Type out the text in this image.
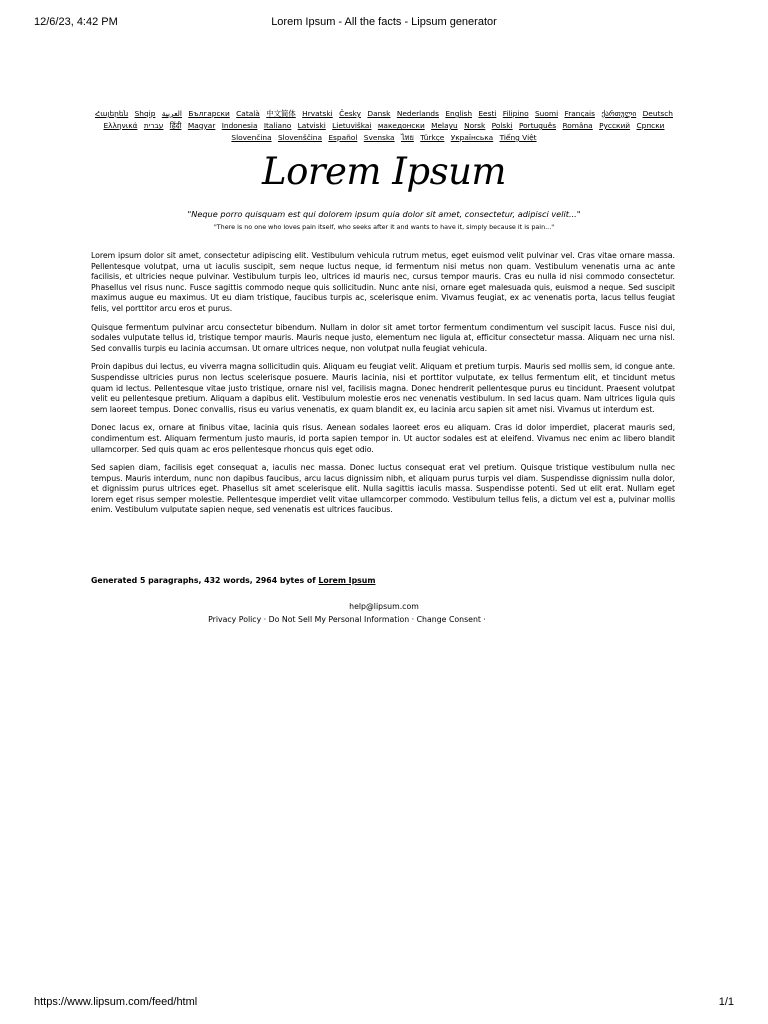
12/6/23, 4:42 PM	Lorem Ipsum - All the facts - Lipsum generator
Հայերեն Shqip العربية Български Català 中文简体 Hrvatski Česky Dansk Nederlands English Eesti Filipino Suomi Français ქართული Deutsch Ελληνικά עברית हिंदी Magyar Indonesia Italiano Latviski Lietuviškai македонски Melayu Norsk Polski Português Româna Русский Српски Slovenčina Slovenščina Español Svenska ไทย Türkçe Українська Tiếng Việt
Lorem Ipsum
"Neque porro quisquam est qui dolorem ipsum quia dolor sit amet, consectetur, adipisci velit..."
"There is no one who loves pain itself, who seeks after it and wants to have it, simply because it is pain..."

Lorem ipsum dolor sit amet, consectetur adipiscing elit. Vestibulum vehicula rutrum metus, eget euismod velit pulvinar vel. Cras vitae ornare massa. Pellentesque volutpat, urna ut iaculis suscipit, sem neque luctus neque, id fermentum nisi metus non quam. Vestibulum venenatis urna ac ante facilisis, et ultricies neque pulvinar. Vestibulum turpis leo, ultrices id mauris nec, cursus tempor mauris. Cras eu nulla id nisi commodo consectetur. Phasellus vel risus nunc. Fusce sagittis commodo neque quis sollicitudin. Nunc ante nisi, ornare eget malesuada quis, euismod a neque. Sed suscipit maximus augue eu maximus. Ut eu diam tristique, faucibus turpis ac, scelerisque enim. Vivamus feugiat, ex ac venenatis porta, lacus tellus feugiat felis, vel porttitor arcu eros et purus.

Quisque fermentum pulvinar arcu consectetur bibendum. Nullam in dolor sit amet tortor fermentum condimentum vel suscipit lacus. Fusce nisi dui, sodales vulputate tellus id, tristique tempor mauris. Mauris neque justo, elementum nec ligula at, efficitur consectetur massa. Aliquam nec urna nisl. Sed convallis turpis eu lacinia accumsan. Ut ornare ultrices neque, non volutpat nulla feugiat vehicula.

Proin dapibus dui lectus, eu viverra magna sollicitudin quis. Aliquam eu feugiat velit. Aliquam et pretium turpis. Mauris sed mollis sem, id congue ante. Suspendisse ultricies purus non lectus scelerisque posuere. Mauris lacinia, nisi et porttitor vulputate, ex tellus fermentum elit, et tincidunt metus quam id lectus. Pellentesque vitae justo tristique, ornare nisl vel, facilisis magna. Donec hendrerit pellentesque purus eu tincidunt. Praesent volutpat velit eu pellentesque pretium. Aliquam a dapibus elit. Vestibulum molestie eros nec venenatis vestibulum. In sed lacus quam. Nam ultrices ligula quis sem laoreet tempus. Donec convallis, risus eu varius venenatis, ex quam blandit ex, eu lacinia arcu sapien sit amet nisi. Vivamus ut interdum est.

Donec lacus ex, ornare at finibus vitae, lacinia quis risus. Aenean sodales laoreet eros eu aliquam. Cras id dolor imperdiet, placerat mauris sed, condimentum est. Aliquam fermentum justo mauris, id porta sapien tempor in. Ut auctor sodales est at eleifend. Vivamus nec enim ac libero blandit ullamcorper. Sed quis quam ac eros pellentesque rhoncus quis eget odio.

Sed sapien diam, facilisis eget consequat a, iaculis nec massa. Donec luctus consequat erat vel pretium. Quisque tristique vestibulum nulla nec tempus. Mauris interdum, nunc non dapibus faucibus, arcu lacus dignissim nibh, et aliquam purus turpis vel diam. Suspendisse dignissim nulla dolor, et dignissim purus ultrices eget. Phasellus sit amet scelerisque elit. Nulla sagittis iaculis massa. Suspendisse potenti. Sed ut elit erat. Nullam eget lorem eget risus semper molestie. Pellentesque imperdiet velit vitae ullamcorper commodo. Vestibulum tellus felis, a dictum vel est a, pulvinar mollis enim. Vestibulum vulputate sapien neque, sed venenatis est ultrices faucibus.

Generated 5 paragraphs, 432 words, 2964 bytes of Lorem Ipsum
help@lipsum.com
Privacy Policy · Do Not Sell My Personal Information · Change Consent ·
https://www.lipsum.com/feed/html	1/1
